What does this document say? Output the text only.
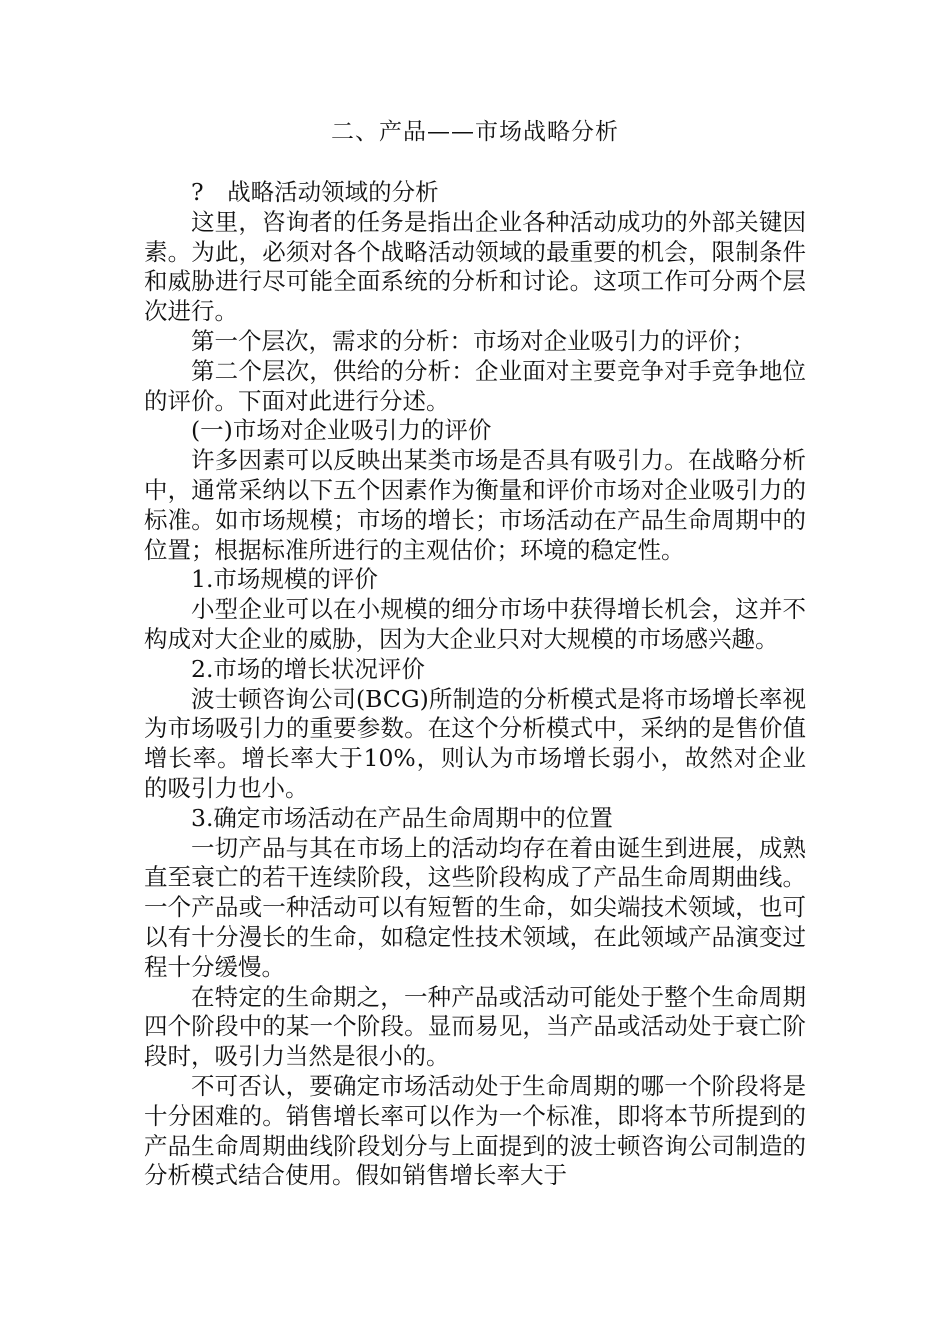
二、产品——市场战略分析

?　战略活动领域的分析

这里，咨询者的任务是指出企业各种活动成功的外部关键因素。为此，必须对各个战略活动领域的最重要的机会，限制条件和威胁进行尽可能全面系统的分析和讨论。这项工作可分两个层次进行。

第一个层次，需求的分析：市场对企业吸引力的评价；

第二个层次，供给的分析：企业面对主要竞争对手竞争地位的评价。下面对此进行分述。

(一)市场对企业吸引力的评价

许多因素可以反映出某类市场是否具有吸引力。在战略分析中，通常采纳以下五个因素作为衡量和评价市场对企业吸引力的标准。如市场规模；市场的增长；市场活动在产品生命周期中的位置；根据标准所进行的主观估价；环境的稳定性。

1.市场规模的评价

小型企业可以在小规模的细分市场中获得增长机会，这并不构成对大企业的威胁，因为大企业只对大规模的市场感兴趣。

2.市场的增长状况评价

波士顿咨询公司(BCG)所制造的分析模式是将市场增长率视为市场吸引力的重要参数。在这个分析模式中，采纳的是售价值增长率。增长率大于10%，则认为市场增长弱小，故然对企业的吸引力也小。

3.确定市场活动在产品生命周期中的位置

一切产品与其在市场上的活动均存在着由诞生到进展，成熟直至衰亡的若干连续阶段，这些阶段构成了产品生命周期曲线。一个产品或一种活动可以有短暂的生命，如尖端技术领域，也可以有十分漫长的生命，如稳定性技术领域，在此领域产品演变过程十分缓慢。

在特定的生命期之，一种产品或活动可能处于整个生命周期四个阶段中的某一个阶段。显而易见，当产品或活动处于衰亡阶段时，吸引力当然是很小的。

不可否认，要确定市场活动处于生命周期的哪一个阶段将是十分困难的。销售增长率可以作为一个标准，即将本节所提到的产品生命周期曲线阶段划分与上面提到的波士顿咨询公司制造的分析模式结合使用。假如销售增长率大于
